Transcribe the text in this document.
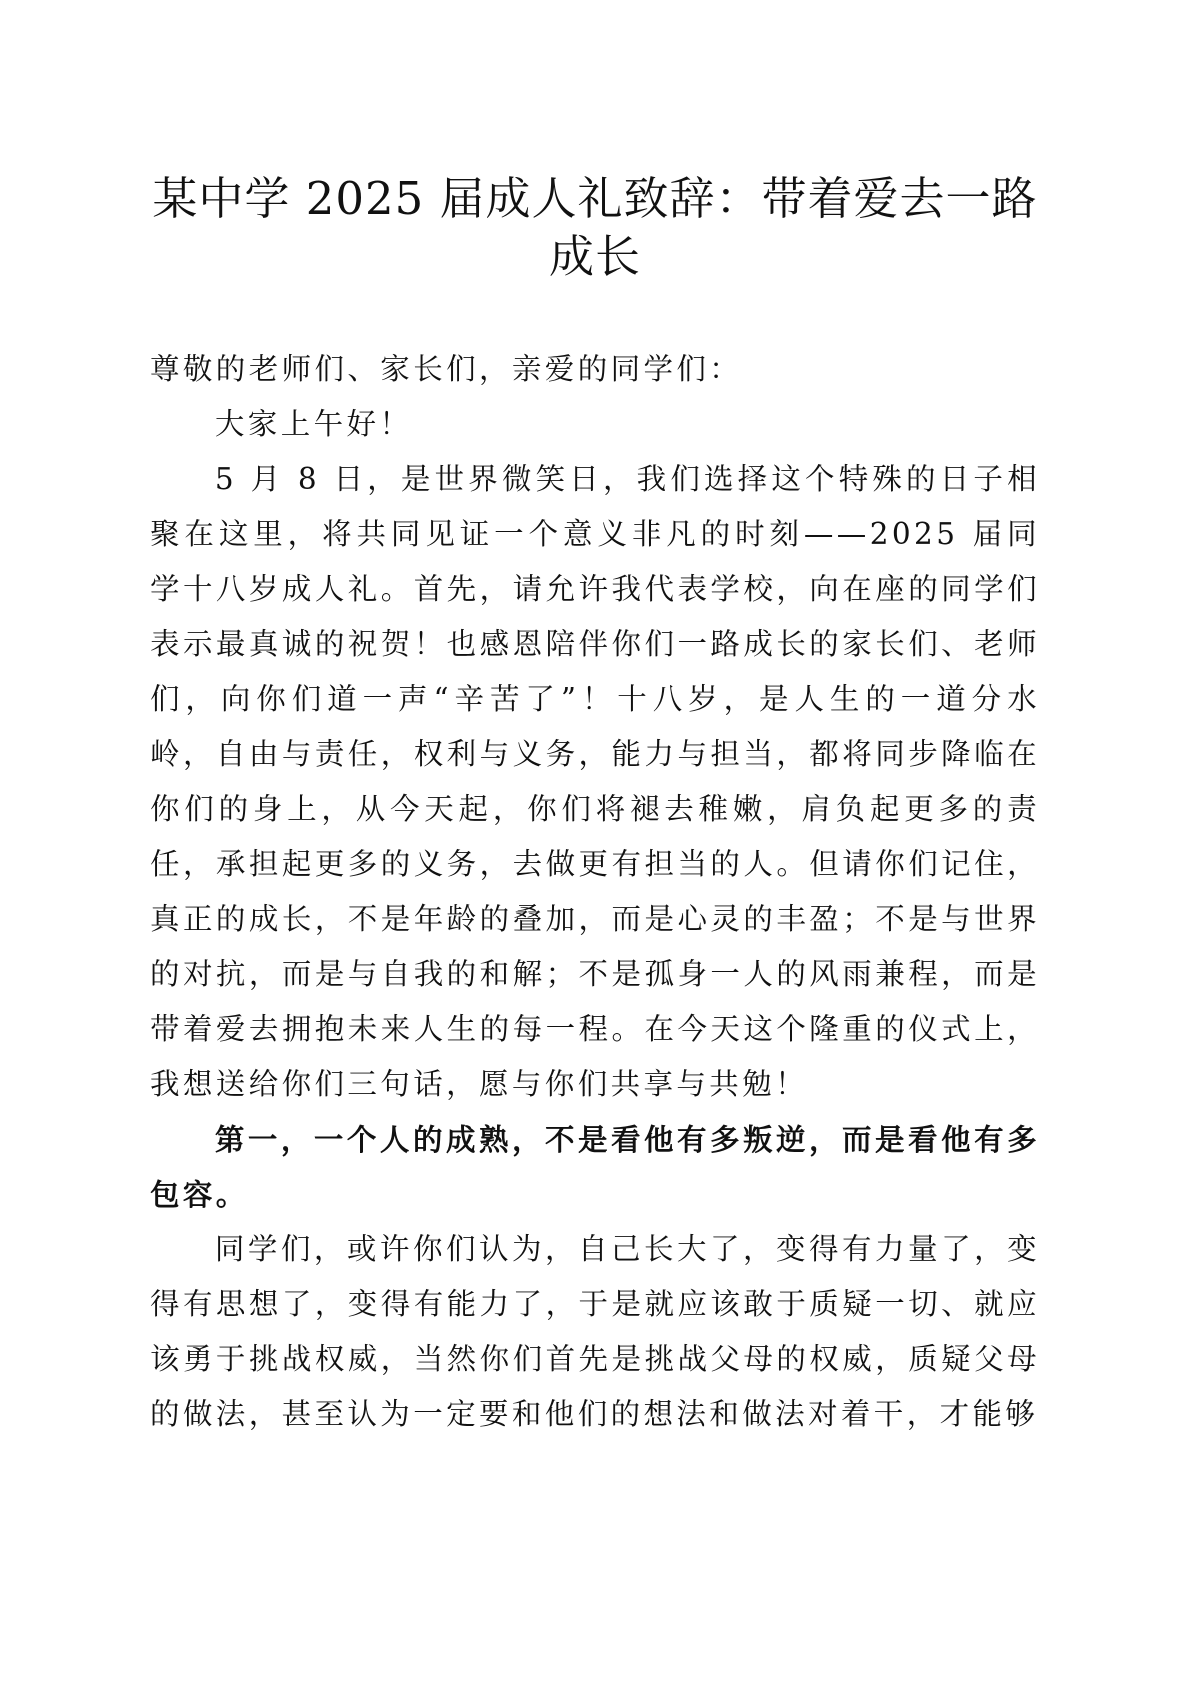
某中学 2025 届成人礼致辞：带着爱去一路成长

尊敬的老师们、家长们，亲爱的同学们：

大家上午好！

5 月 8 日，是世界微笑日，我们选择这个特殊的日子相聚在这里，将共同见证一个意义非凡的时刻——2025 届同学十八岁成人礼。首先，请允许我代表学校，向在座的同学们表示最真诚的祝贺！也感恩陪伴你们一路成长的家长们、老师们，向你们道一声“辛苦了”！十八岁，是人生的一道分水岭，自由与责任，权利与义务，能力与担当，都将同步降临在你们的身上，从今天起，你们将褪去稚嫩，肩负起更多的责任，承担起更多的义务，去做更有担当的人。但请你们记住，真正的成长，不是年龄的叠加，而是心灵的丰盈；不是与世界的对抗，而是与自我的和解；不是孤身一人的风雨兼程，而是带着爱去拥抱未来人生的每一程。在今天这个隆重的仪式上，我想送给你们三句话，愿与你们共享与共勉！

第一，一个人的成熟，不是看他有多叛逆，而是看他有多包容。

同学们，或许你们认为，自己长大了，变得有力量了，变得有思想了，变得有能力了，于是就应该敢于质疑一切、就应该勇于挑战权威，当然你们首先是挑战父母的权威，质疑父母的做法，甚至认为一定要和他们的想法和做法对着干，才能够
